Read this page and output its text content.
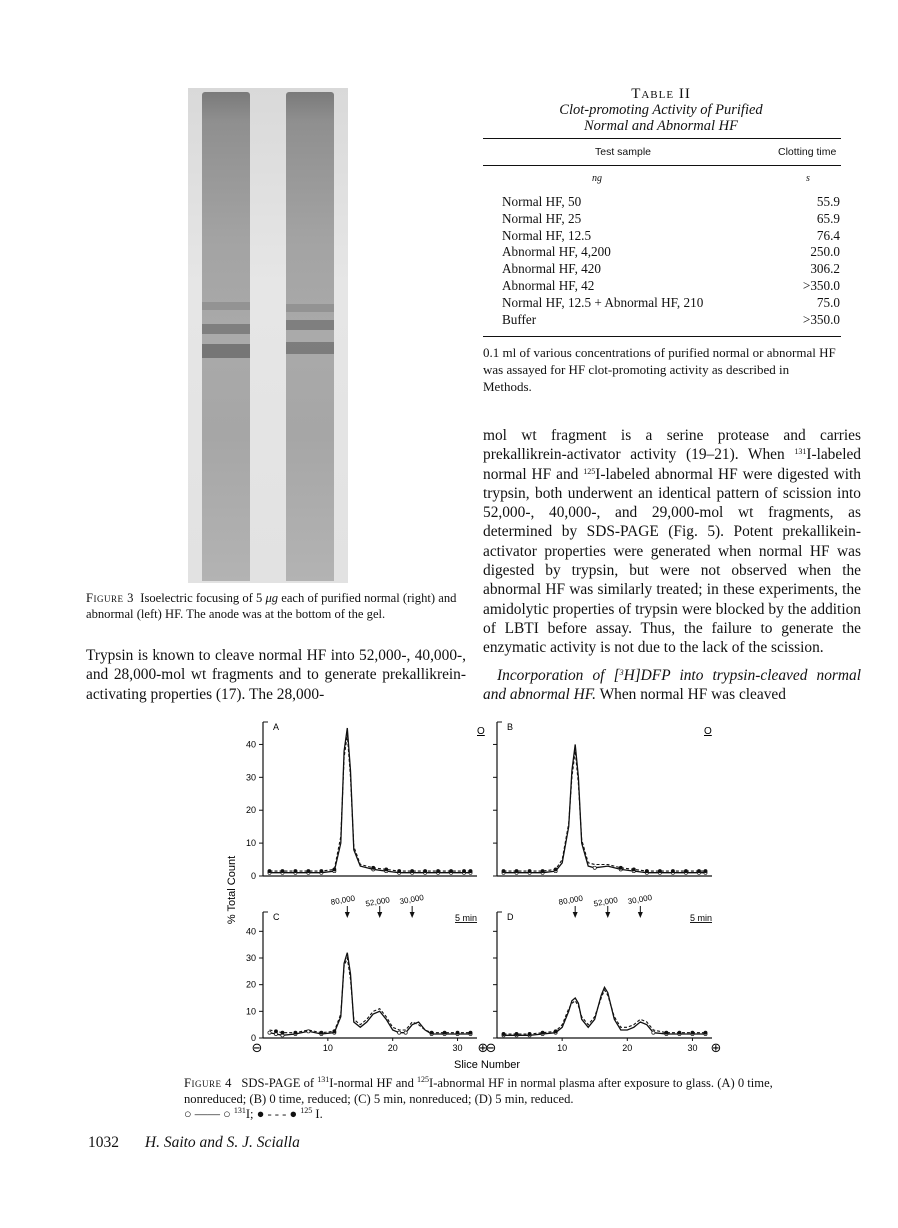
Figure 3 Isoelectric focusing of 5 μg each of purified normal (right) and abnormal (left) HF. The anode was at the bottom of the gel.
Trypsin is known to cleave normal HF into 52,000-, 40,000-, and 28,000-mol wt fragments and to generate prekallikrein-activating properties (17). The 28,000-
Table II
Clot-promoting Activity of Purified
Normal and Abnormal HF
Test sample	Clotting time
ng	s
Normal HF, 50	55.9
Normal HF, 25	65.9
Normal HF, 12.5	76.4
Abnormal HF, 4,200	250.0
Abnormal HF, 420	306.2
Abnormal HF, 42	>350.0
Normal HF, 12.5 + Abnormal HF, 210	75.0
Buffer	>350.0
0.1 ml of various concentrations of purified normal or abnormal HF was assayed for HF clot-promoting activity as described in Methods.
mol wt fragment is a serine protease and carries prekallikrein-activator activity (19–21). When $^{131}$I-labeled normal HF and $^{125}$I-labeled abnormal HF were digested with trypsin, both underwent an identical pattern of scission into 52,000-, 40,000-, and 29,000-mol wt fragments, as determined by SDS-PAGE (Fig. 5). Potent prekallikein-activator properties were generated when normal HF was digested by trypsin, but were not observed when the abnormal HF was similarly treated; in these experiments, the amidolytic properties of trypsin were blocked by the addition of LBTI before assay. Thus, the failure to generate the enzymatic activity is not due to the lack of the scission.
Incorporation of [$^3$H]DFP into trypsin-cleaved normal and abnormal HF. When normal HF was cleaved
0
10
20
30
40
A	O B	O
0
10
20
30
40
C	5 min
10	20	30
⊖	⊕
D	5 min
10	20	30
⊖	⊕
80,000 52,000 30,000	80,000 52,000 30,000
% Total Count
Slice Number
Figure 4 SDS-PAGE of $^{131}$I-normal HF and $^{125}$I-abnormal HF in normal plasma after exposure to glass. (A) 0 time, nonreduced; (B) 0 time, reduced; (C) 5 min, nonreduced; (D) 5 min, reduced.
○ —— ○ $^{131}$I; ● - - - ● $^{125}$ I.
1032 H. Saito and S. J. Scialla
